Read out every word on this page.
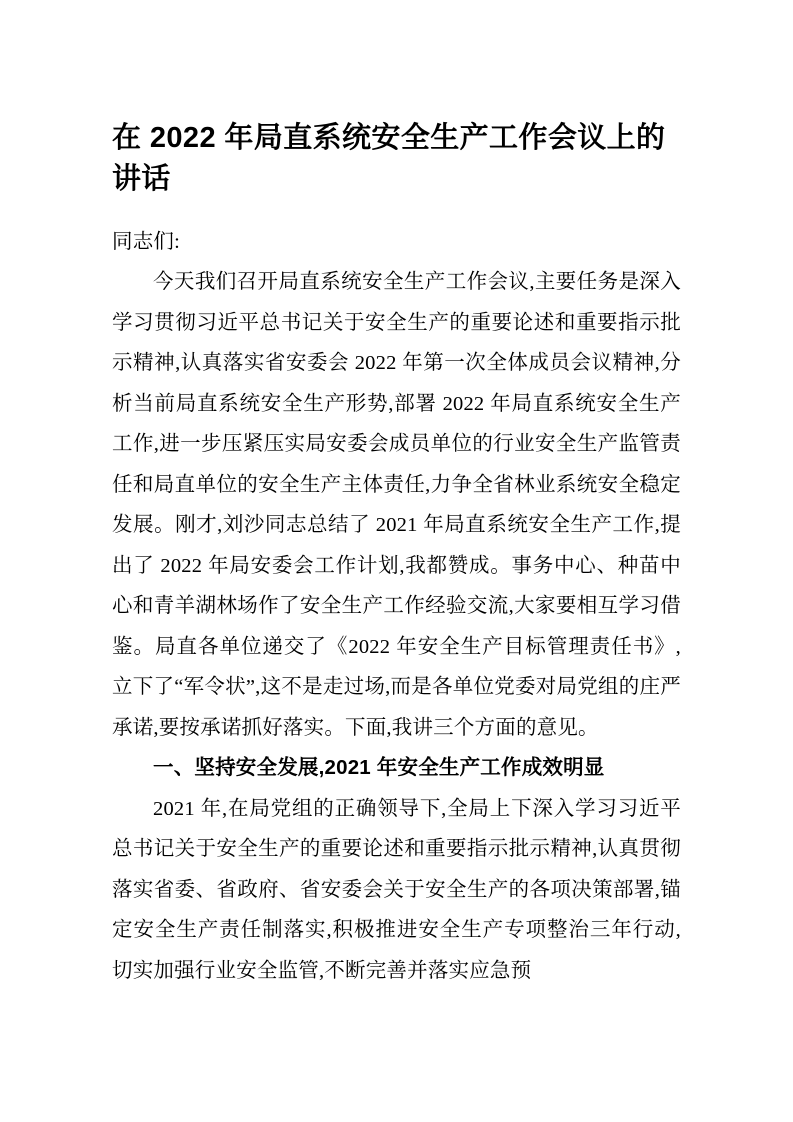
在 2022 年局直系统安全生产工作会议上的讲话

同志们:

今天我们召开局直系统安全生产工作会议,主要任务是深入学习贯彻习近平总书记关于安全生产的重要论述和重要指示批示精神,认真落实省安委会 2022 年第一次全体成员会议精神,分析当前局直系统安全生产形势,部署 2022 年局直系统安全生产工作,进一步压紧压实局安委会成员单位的行业安全生产监管责任和局直单位的安全生产主体责任,力争全省林业系统安全稳定发展。刚才,刘沙同志总结了 2021 年局直系统安全生产工作,提出了 2022 年局安委会工作计划,我都赞成。事务中心、种苗中心和青羊湖林场作了安全生产工作经验交流,大家要相互学习借鉴。局直各单位递交了《2022 年安全生产目标管理责任书》,立下了“军令状”,这不是走过场,而是各单位党委对局党组的庄严承诺,要按承诺抓好落实。下面,我讲三个方面的意见。

一、坚持安全发展,2021 年安全生产工作成效明显

2021 年,在局党组的正确领导下,全局上下深入学习习近平总书记关于安全生产的重要论述和重要指示批示精神,认真贯彻落实省委、省政府、省安委会关于安全生产的各项决策部署,锚定安全生产责任制落实,积极推进安全生产专项整治三年行动,切实加强行业安全监管,不断完善并落实应急预
